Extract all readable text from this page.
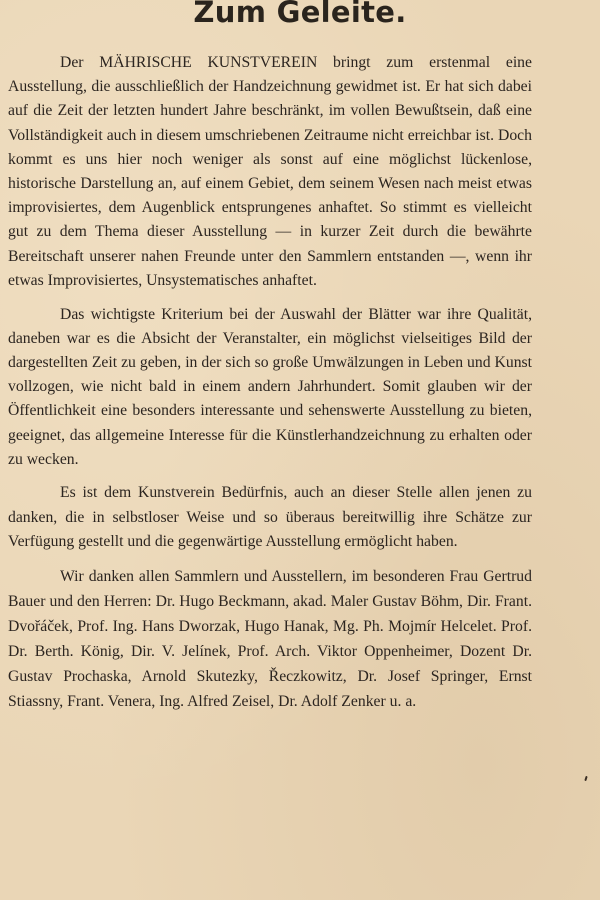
Zum Geleite.

Der MÄHRISCHE KUNSTVEREIN bringt zum erstenmal eine Ausstellung, die ausschließlich der Handzeichnung gewidmet ist. Er hat sich dabei auf die Zeit der letzten hundert Jahre beschränkt, im vollen Bewußtsein, daß eine Vollständigkeit auch in diesem umschriebenen Zeitraume nicht erreichbar ist. Doch kommt es uns hier noch weniger als sonst auf eine möglichst lückenlose, historische Darstellung an, auf einem Gebiet, dem seinem Wesen nach meist etwas improvisiertes, dem Augenblick entsprungenes anhaftet. So stimmt es vielleicht gut zu dem Thema dieser Ausstellung — in kurzer Zeit durch die bewährte Bereitschaft unserer nahen Freunde unter den Sammlern entstanden —, wenn ihr etwas Improvisiertes, Unsystematisches anhaftet.

Das wichtigste Kriterium bei der Auswahl der Blätter war ihre Qualität, daneben war es die Absicht der Veranstalter, ein möglichst vielseitiges Bild der dargestellten Zeit zu geben, in der sich so große Umwälzungen in Leben und Kunst vollzogen, wie nicht bald in einem andern Jahrhundert. Somit glauben wir der Öffentlichkeit eine besonders interessante und sehenswerte Ausstellung zu bieten, geeignet, das allgemeine Interesse für die Künstlerhandzeichnung zu erhalten oder zu wecken.

Es ist dem Kunstverein Bedürfnis, auch an dieser Stelle allen jenen zu danken, die in selbstloser Weise und so überaus bereitwillig ihre Schätze zur Verfügung gestellt und die gegenwärtige Ausstellung ermöglicht haben.

Wir danken allen Sammlern und Ausstellern, im besonderen Frau Gertrud Bauer und den Herren: Dr. Hugo Beckmann, akad. Maler Gustav Böhm, Dir. Frant. Dvořáček, Prof. Ing. Hans Dworzak, Hugo Hanak, Mg. Ph. Mojmír Helcelet. Prof. Dr. Berth. König, Dir. V. Jelínek, Prof. Arch. Viktor Oppenheimer, Dozent Dr. Gustav Prochaska, Arnold Skutezky, Řeczkowitz, Dr. Josef Springer, Ernst Stiassny, Frant. Venera, Ing. Alfred Zeisel, Dr. Adolf Zenker u. a.
